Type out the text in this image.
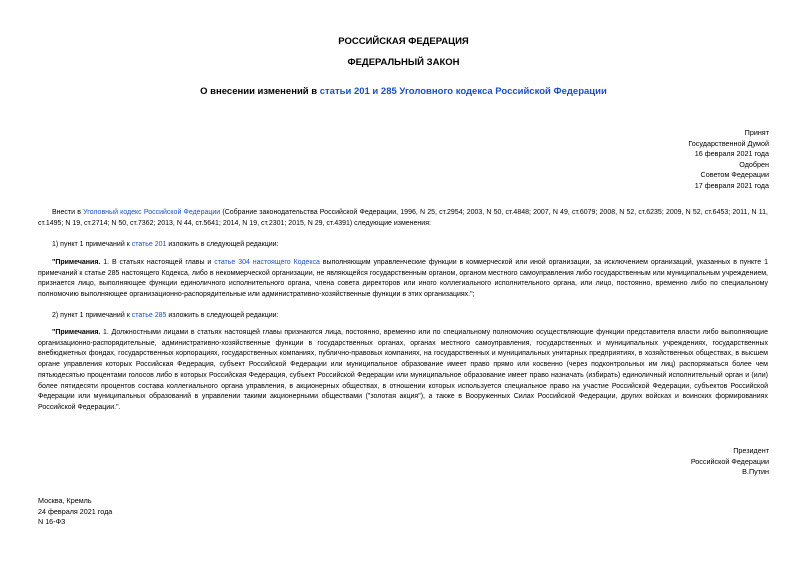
РОССИЙСКАЯ ФЕДЕРАЦИЯ
ФЕДЕРАЛЬНЫЙ ЗАКОН
О внесении изменений в статьи 201 и 285 Уголовного кодекса Российской Федерации
Принят
Государственной Думой
16 февраля 2021 года
Одобрен
Советом Федерации
17 февраля 2021 года
Внести в Уголовный кодекс Российской Федерации (Собрание законодательства Российской Федерации, 1996, N 25, ст.2954; 2003, N 50, ст.4848; 2007, N 49, ст.6079; 2008, N 52, ст.6235; 2009, N 52, ст.6453; 2011, N 11, ст.1495; N 19, ст.2714; N 50, ст.7362; 2013, N 44, ст.5641; 2014, N 19, ст.2301; 2015, N 29, ст.4391) следующие изменения:
1) пункт 1 примечаний к статье 201 изложить в следующей редакции:
"Примечания. 1. В статьях настоящей главы и статье 304 настоящего Кодекса выполняющим управленческие функции в коммерческой или иной организации, за исключением организаций, указанных в пункте 1 примечаний к статье 285 настоящего Кодекса, либо в некоммерческой организации, не являющейся государственным органом, органом местного самоуправления либо государственным или муниципальным учреждением, признается лицо, выполняющее функции единоличного исполнительного органа, члена совета директоров или иного коллегиального исполнительного органа, или лицо, постоянно, временно либо по специальному полномочию выполняющее организационно-распорядительные или административно-хозяйственные функции в этих организациях.";
2) пункт 1 примечаний к статье 285 изложить в следующей редакции:
"Примечания. 1. Должностными лицами в статьях настоящей главы признаются лица, постоянно, временно или по специальному полномочию осуществляющие функции представителя власти либо выполняющие организационно-распорядительные, административно-хозяйственные функции в государственных органах, органах местного самоуправления, государственных и муниципальных учреждениях, государственных внебюджетных фондах, государственных корпорациях, государственных компаниях, публично-правовых компаниях, на государственных и муниципальных унитарных предприятиях, в хозяйственных обществах, в высшем органе управления которых Российская Федерация, субъект Российской Федерации или муниципальное образование имеет право прямо или косвенно (через подконтрольных им лиц) распоряжаться более чем пятьюдесятью процентами голосов либо в которых Российская Федерация, субъект Российской Федерации или муниципальное образование имеет право назначать (избирать) единоличный исполнительный орган и (или) более пятидесяти процентов состава коллегиального органа управления, в акционерных обществах, в отношении которых используется специальное право на участие Российской Федерации, субъектов Российской Федерации или муниципальных образований в управлении такими акционерными обществами ("золотая акция"), а также в Вооруженных Силах Российской Федерации, других войсках и воинских формированиях Российской Федерации.".
Президент
Российской Федерации
В.Путин
Москва, Кремль
24 февраля 2021 года
N 16-ФЗ
